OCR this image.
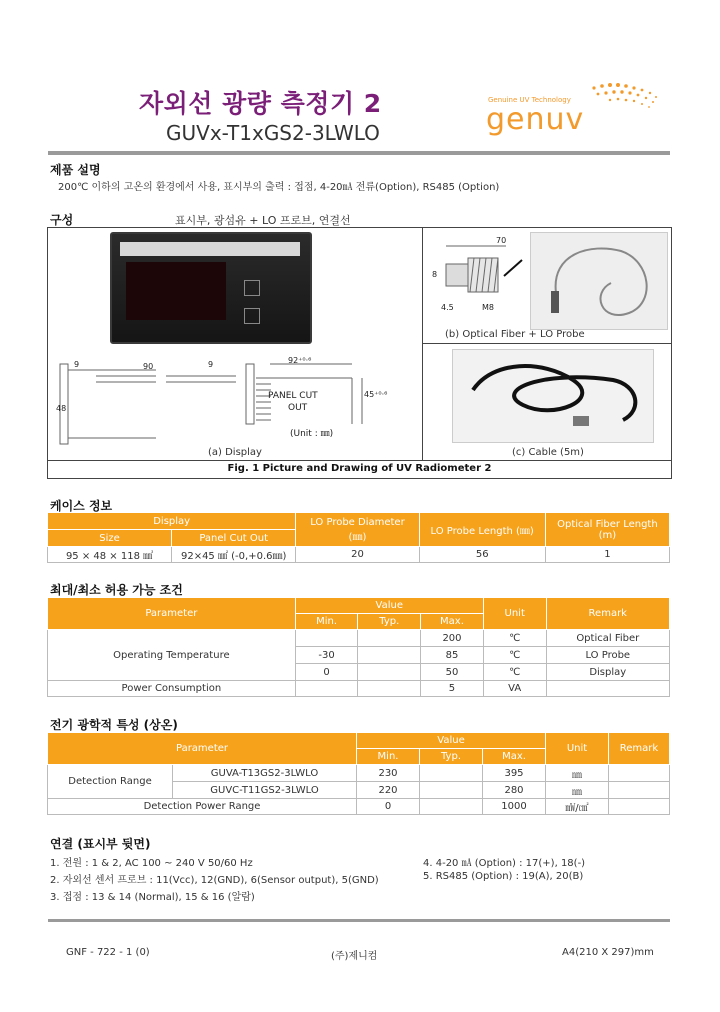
자외선 광량 측정기 2
GUVx-T1xGS2-3LWLO
Genuine UV Technology
genuv
제품 설명
200℃ 이하의 고온의 환경에서 사용, 표시부의 출력 : 접점, 4-20㎃ 전류(Option), RS485 (Option)
구성	표시부, 광섬유 + LO 프로브, 연결선
9	90	9
48
92⁺⁰·⁶
PANEL CUT
OUT
45⁺⁰·⁶
(Unit : ㎜)
70
8
4.5	M8
(a) Display
(b) Optical Fiber + LO Probe
(c) Cable (5m)
Fig. 1 Picture and Drawing of UV Radiometer 2
케이스 정보
Display		LO Probe Diameter
(㎜)	LO Probe Length (㎜)	Optical Fiber Length
(m)
Size	Panel Cut Out			
95 × 48 × 118 ㎣	92×45 ㎟ (-0,+0.6㎜)	20	56	1
최대/최소 허용 가능 조건
Parameter	Value			Unit	Remark
	Min.	Typ.	Max.		
Operating Temperature			200	℃	Optical Fiber
	-30		85	℃	LO Probe
	0		50	℃	Display
Power Consumption			5	VA	
전기 광학적 특성 (상온)
Parameter		Value			Unit	Remark
		Min.	Typ.	Max.		
Detection Range	GUVA-T13GS2-3LWLO	230		395	㎚	
	GUVC-T11GS2-3LWLO	220		280	㎚	
Detection Power Range		0		1000	㎽/㎠	
연결 (표시부 뒷면)
1. 전원 : 1 & 2, AC 100 ~ 240 V 50/60 Hz
2. 자외선 센서 프로브 : 11(Vcc), 12(GND), 6(Sensor output), 5(GND)
3. 접점 : 13 & 14 (Normal), 15 & 16 (알람)
4. 4-20 ㎃ (Option) : 17(+), 18(-)
5. RS485 (Option) : 19(A), 20(B)
GNF - 722 - 1 (0)	(주)제니컴	A4(210 X 297)mm
